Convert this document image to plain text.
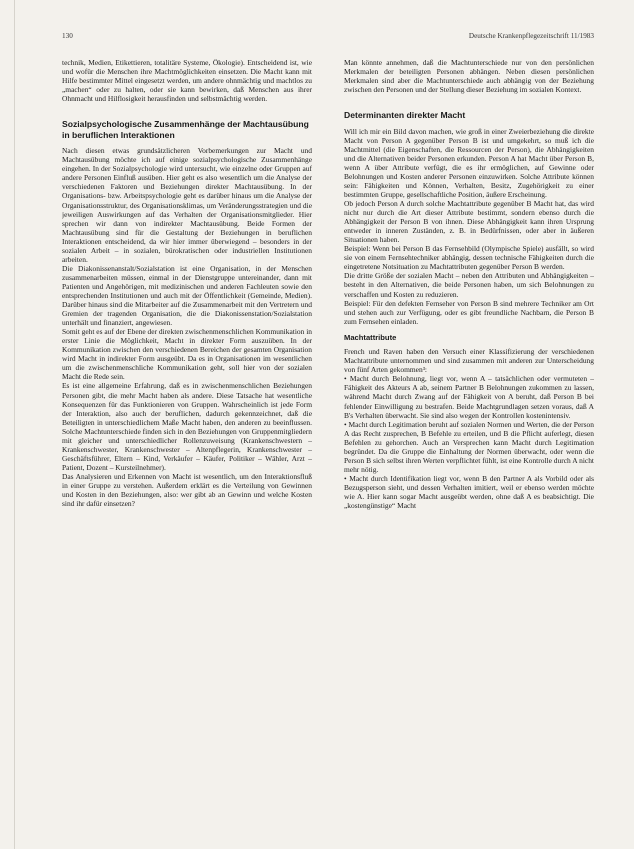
130	Deutsche Krankenpflegezeitschrift 11/1983

technik, Medien, Etikettieren, totalitäre Systeme, Ökologie). Entscheidend ist, wie und wofür die Menschen ihre Machtmöglichkeiten einsetzen. Die Macht kann mit Hilfe bestimmter Mittel eingesetzt werden, um andere ohnmächtig und machtlos zu „machen“ oder zu halten, oder sie kann bewirken, daß Menschen aus ihrer Ohnmacht und Hilflosigkeit herausfinden und selbstmächtig werden.

Sozialpsychologische Zusammenhänge der Machtausübung in beruflichen Interaktionen

Nach diesen etwas grundsätzlicheren Vorbemerkungen zur Macht und Machtausübung möchte ich auf einige sozialpsychologische Zusammenhänge eingehen. In der Sozialpsychologie wird untersucht, wie einzelne oder Gruppen auf andere Personen Einfluß ausüben. Hier geht es also wesentlich um die Analyse der verschiedenen Faktoren und Beziehungen direkter Machtausübung. In der Organisations- bzw. Arbeitspsychologie geht es darüber hinaus um die Analyse der Organisationsstruktur, des Organisationsklimas, um Veränderungsstrategien und die jeweiligen Auswirkungen auf das Verhalten der Organisationsmitglieder. Hier sprechen wir dann von indirekter Machtausübung. Beide Formen der Machtausübung sind für die Gestaltung der Beziehungen in beruflichen Interaktionen entscheidend, da wir hier immer überwiegend – besonders in der sozialen Arbeit – in sozialen, bürokratischen oder industriellen Institutionen arbeiten.

Die Diakonissenanstalt/Sozialstation ist eine Organisation, in der Menschen zusammenarbeiten müssen, einmal in der Dienstgruppe untereinander, dann mit Patienten und Angehörigen, mit medizinischen und anderen Fachleuten sowie den entsprechenden Institutionen und auch mit der Öffentlichkeit (Gemeinde, Medien). Darüber hinaus sind die Mitarbeiter auf die Zusammenarbeit mit den Vertretern und Gremien der tragenden Organisation, die die Diakonissenstation/Sozialstation unterhält und finanziert, angewiesen.

Somit geht es auf der Ebene der direkten zwischenmenschlichen Kommunikation in erster Linie die Möglichkeit, Macht in direkter Form auszuüben. In der Kommunikation zwischen den verschiedenen Bereichen der gesamten Organisation wird Macht in indirekter Form ausgeübt. Da es in Organisationen im wesentlichen um die zwischenmenschliche Kommunikation geht, soll hier von der sozialen Macht die Rede sein.

Es ist eine allgemeine Erfahrung, daß es in zwischenmenschlichen Beziehungen Personen gibt, die mehr Macht haben als andere. Diese Tatsache hat wesentliche Konsequenzen für das Funktionieren von Gruppen. Wahrscheinlich ist jede Form der Interaktion, also auch der beruflichen, dadurch gekennzeichnet, daß die Beteiligten in unterschiedlichem Maße Macht haben, den anderen zu beeinflussen. Solche Machtunterschiede finden sich in den Beziehungen von Gruppenmitgliedern mit gleicher und unterschiedlicher Rollenzuweisung (Krankenschwestern – Krankenschwester, Krankenschwester – Altenpflegerin, Krankenschwester – Geschäftsführer, Eltern – Kind, Verkäufer – Käufer, Politiker – Wähler, Arzt – Patient, Dozent – Kursteilnehmer).

Das Analysieren und Erkennen von Macht ist wesentlich, um den Interaktionsfluß in einer Gruppe zu verstehen. Außerdem erklärt es die Verteilung von Gewinnen und Kosten in den Beziehungen, also: wer gibt ab an Gewinn und welche Kosten sind ihr dafür einsetzen?

Man könnte annehmen, daß die Machtunterschiede nur von den persönlichen Merkmalen der beteiligten Personen abhängen. Neben diesen persönlichen Merkmalen sind aber die Machtunterschiede auch abhängig von der Beziehung zwischen den Personen und der Stellung dieser Beziehung im sozialen Kontext.

Determinanten direkter Macht

Will ich mir ein Bild davon machen, wie groß in einer Zweierbeziehung die direkte Macht von Person A gegenüber Person B ist und umgekehrt, so muß ich die Machtmittel (die Eigenschaften, die Ressourcen der Person), die Abhängigkeiten und die Alternativen beider Personen erkunden. Person A hat Macht über Person B, wenn A über Attribute verfügt, die es ihr ermöglichen, auf Gewinne oder Belohnungen und Kosten anderer Personen einzuwirken. Solche Attribute können sein: Fähigkeiten und Können, Verhalten, Besitz, Zugehörigkeit zu einer bestimmten Gruppe, gesellschaftliche Position, äußere Erscheinung.

Ob jedoch Person A durch solche Machtattribute gegenüber B Macht hat, das wird nicht nur durch die Art dieser Attribute bestimmt, sondern ebenso durch die Abhängigkeit der Person B von ihnen. Diese Abhängigkeit kann ihren Ursprung entweder in inneren Zuständen, z. B. in Bedürfnissen, oder aber in äußeren Situationen haben.

Beispiel: Wenn bei Person B das Fernsehbild (Olympische Spiele) ausfällt, so wird sie von einem Fernsehtechniker abhängig, dessen technische Fähigkeiten durch die eingetretene Notsituation zu Machtattributen gegenüber Person B werden.

Die dritte Größe der sozialen Macht – neben den Attributen und Abhängigkeiten – besteht in den Alternativen, die beide Personen haben, um sich Belohnungen zu verschaffen und Kosten zu reduzieren.

Beispiel: Für den defekten Fernseher von Person B sind mehrere Techniker am Ort und stehen auch zur Verfügung, oder es gibt freundliche Nachbarn, die Person B zum Fernsehen einladen.

Machtattribute

French und Raven haben den Versuch einer Klassifizierung der verschiedenen Machtattribute unternommen und sind zusammen mit anderen zur Unterscheidung von fünf Arten gekommen³:

• Macht durch Belohnung, liegt vor, wenn A – tatsächlichen oder vermuteten – Fähigkeit des Akteurs A ab, seinem Partner B Belohnungen zukommen zu lassen, während Macht durch Zwang auf der Fähigkeit von A beruht, daß Person B bei fehlender Einwilligung zu bestrafen. Beide Machtgrundlagen setzen voraus, daß A B's Verhalten überwacht. Sie sind also wegen der Kontrollen kostenintensiv.

• Macht durch Legitimation beruht auf sozialen Normen und Werten, die der Person A das Recht zusprechen, B Befehle zu erteilen, und B die Pflicht auferlegt, diesen Befehlen zu gehorchen. Auch an Versprechen kann Macht durch Legitimation begründet. Da die Gruppe die Einhaltung der Normen überwacht, oder wenn die Person B sich selbst ihren Werten verpflichtet fühlt, ist eine Kontrolle durch A nicht mehr nötig.

• Macht durch Identifikation liegt vor, wenn B den Partner A als Vorbild oder als Bezugsperson sieht, und dessen Verhalten imitiert, weil er ebenso werden möchte wie A. Hier kann sogar Macht ausgeübt werden, ohne daß A es beabsichtigt. Die „kostengünstige“ Macht
